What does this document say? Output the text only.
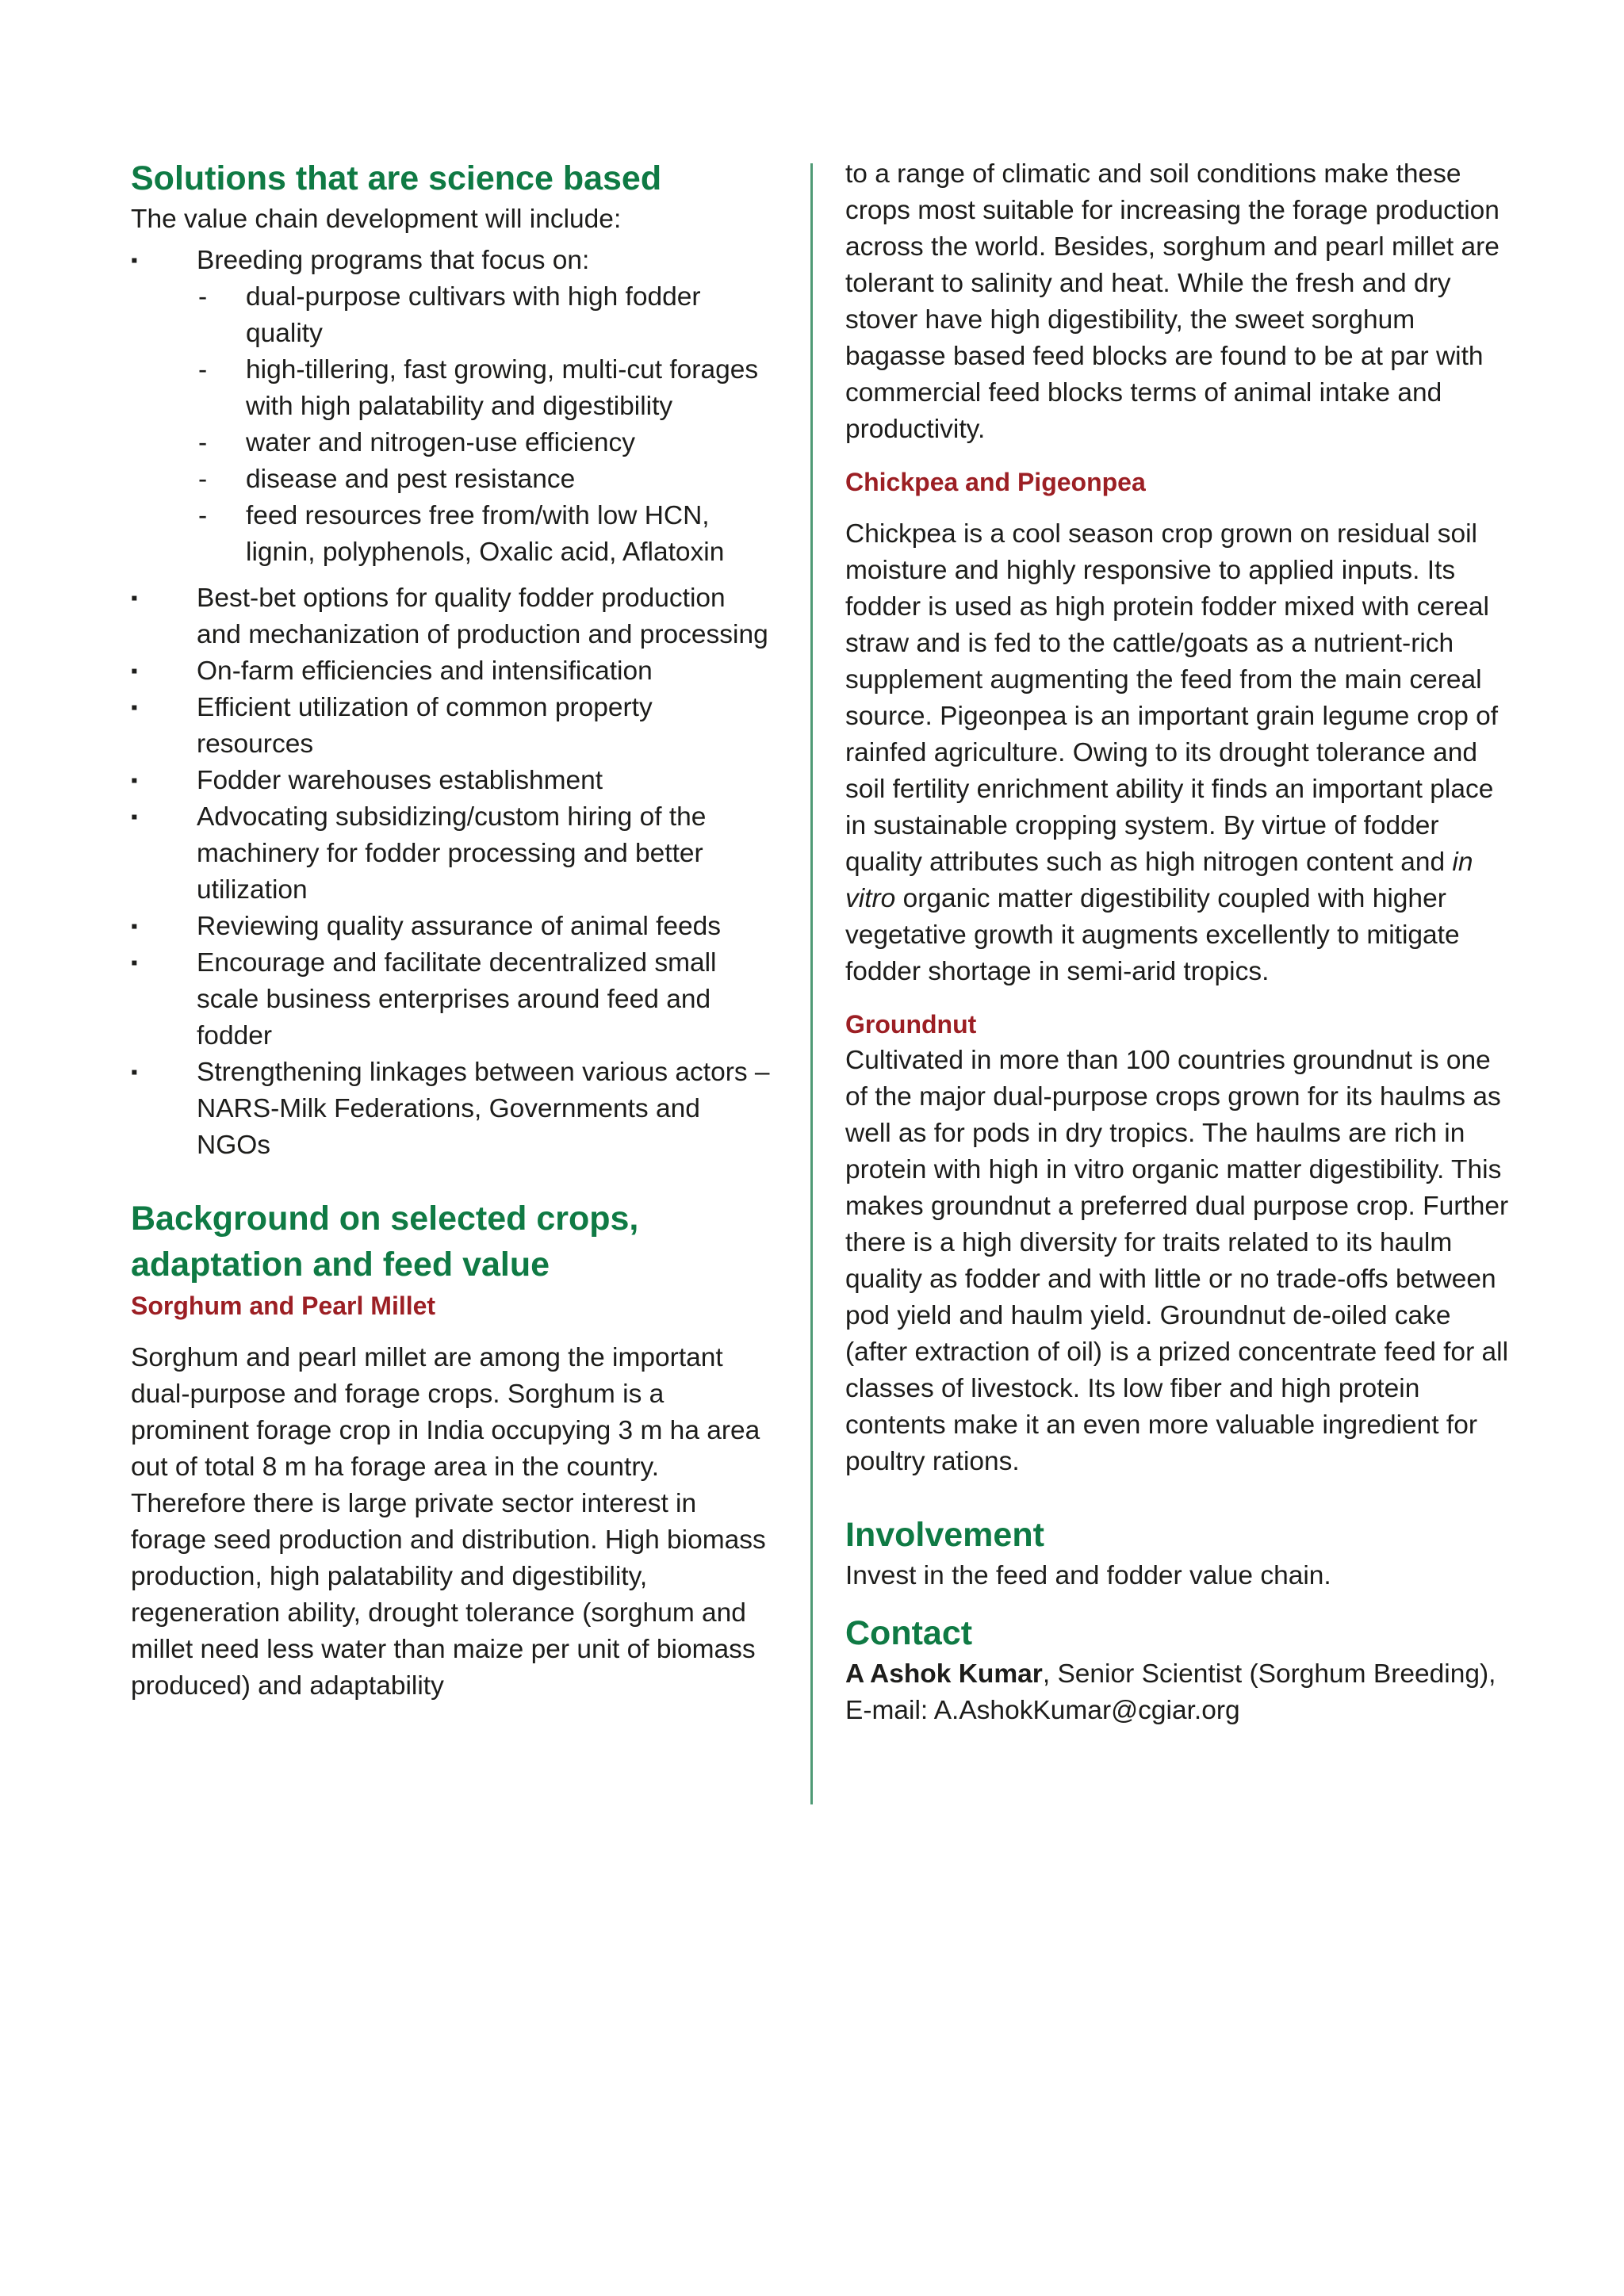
Solutions that are science based

The value chain development will include:

▪ Breeding programs that focus on:
- dual-purpose cultivars with high fodder quality
- high-tillering, fast growing, multi-cut forages with high palatability and digestibility
- water and nitrogen-use efficiency
- disease and pest resistance
- feed resources free from/with low HCN, lignin, polyphenols, Oxalic acid, Aflatoxin
▪ Best-bet options for quality fodder production and mechanization of production and processing
▪ On-farm efficiencies and intensification
▪ Efficient utilization of common property resources
▪ Fodder warehouses establishment
▪ Advocating subsidizing/custom hiring of the machinery for fodder processing and better utilization
▪ Reviewing quality assurance of animal feeds
▪ Encourage and facilitate decentralized small scale business enterprises around feed and fodder
▪ Strengthening linkages between various actors – NARS-Milk Federations, Governments and NGOs
Background on selected crops,
adaptation and feed value
Sorghum and Pearl Millet

Sorghum and pearl millet are among the important dual-purpose and forage crops. Sorghum is a prominent forage crop in India occupying 3 m ha area out of total 8 m ha forage area in the country. Therefore there is large private sector interest in forage seed production and distribution. High biomass production, high palatability and digestibility, regeneration ability, drought tolerance (sorghum and millet need less water than maize per unit of biomass produced) and adaptability

to a range of climatic and soil conditions make these crops most suitable for increasing the forage production across the world. Besides, sorghum and pearl millet are tolerant to salinity and heat. While the fresh and dry stover have high digestibility, the sweet sorghum bagasse based feed blocks are found to be at par with commercial feed blocks terms of animal intake and productivity.

Chickpea and Pigeonpea

Chickpea is a cool season crop grown on residual soil moisture and highly responsive to applied inputs. Its fodder is used as high protein fodder mixed with cereal straw and is fed to the cattle/goats as a nutrient-rich supplement augmenting the feed from the main cereal source. Pigeonpea is an important grain legume crop of rainfed agriculture. Owing to its drought tolerance and soil fertility enrichment ability it finds an important place in sustainable cropping system. By virtue of fodder quality attributes such as high nitrogen content and in vitro organic matter digestibility coupled with higher vegetative growth it augments excellently to mitigate fodder shortage in semi-arid tropics.

Groundnut

Cultivated in more than 100 countries groundnut is one of the major dual-purpose crops grown for its haulms as well as for pods in dry tropics. The haulms are rich in protein with high in vitro organic matter digestibility. This makes groundnut a preferred dual purpose crop. Further there is a high diversity for traits related to its haulm quality as fodder and with little or no trade-offs between pod yield and haulm yield. Groundnut de-oiled cake (after extraction of oil) is a prized concentrate feed for all classes of livestock. Its low fiber and high protein contents make it an even more valuable ingredient for poultry rations.

Involvement

Invest in the feed and fodder value chain.

Contact

A Ashok Kumar, Senior Scientist (Sorghum Breeding),

E-mail: A.AshokKumar@cgiar.org
